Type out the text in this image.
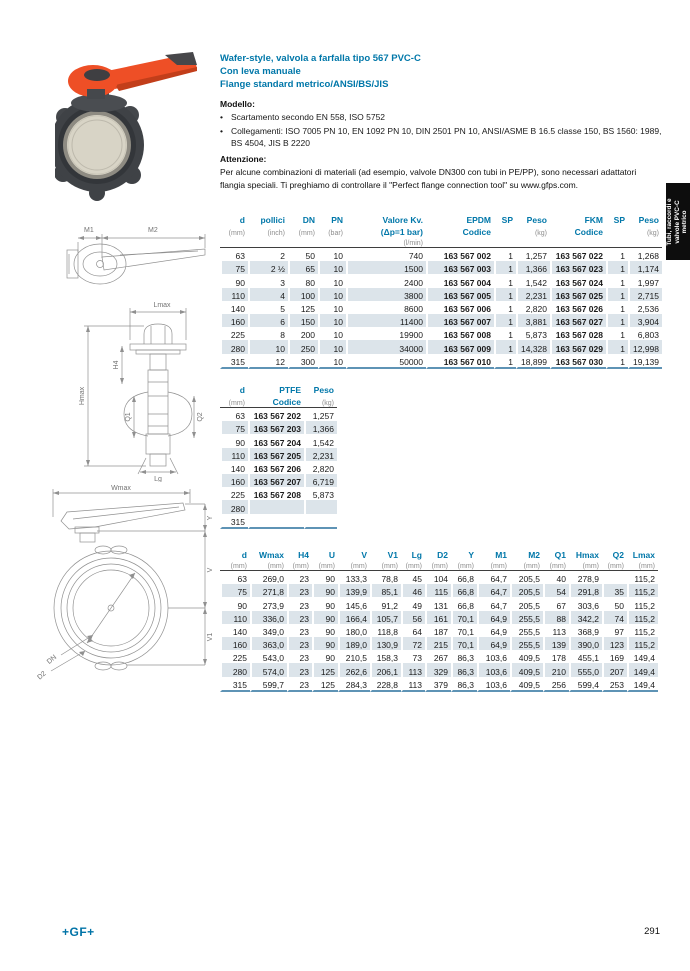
Wafer-style, valvola a farfalla tipo 567 PVC-C
Con leva manuale
Flange standard metrico/ANSI/BS/JIS
Modello:
• Scartamento secondo EN 558, ISO 5752
• Collegamenti: ISO 7005 PN 10, EN 1092 PN 10, DIN 2501 PN 10, ANSI/ASME B 16.5 classe 150, BS 1560: 1989, BS 4504, JIS B 2220
Attenzione:
Per alcune combinazioni di materiali (ad esempio, valvole DN300 con tubi in PE/PP), sono necessari adattatori flangia speciali. Ti preghiamo di controllare il "Perfect flange connection tool" su www.gfps.com.
M1	M2
Lmax
Hmax
H4
Q1	Q2
Lg
Wmax
Y
V
V1
DN
D2
d	pollici	DN	PN	Valore Kv.	EPDM	SP	Peso	FKM	SP	Peso
(mm)	(inch)	(mm)	(bar)	(Δp=1 bar)	Codice		(kg)	Codice		(kg)
				(l/min)						
63	2	50	10	740	163 567 002	1	1,257	163 567 022	1	1,268
75	2 ½	65	10	1500	163 567 003	1	1,366	163 567 023	1	1,174
90	3	80	10	2400	163 567 004	1	1,542	163 567 024	1	1,997
110	4	100	10	3800	163 567 005	1	2,231	163 567 025	1	2,715
140	5	125	10	8600	163 567 006	1	2,820	163 567 026	1	2,536
160	6	150	10	11400	163 567 007	1	3,881	163 567 027	1	3,904
225	8	200	10	19900	163 567 008	1	5,873	163 567 028	1	6,803
280	10	250	10	34000	163 567 009	1	14,328	163 567 029	1	12,998
315	12	300	10	50000	163 567 010	1	18,899	163 567 030	1	19,139
d	PTFE	Peso
(mm)	Codice	(kg)
63	163 567 202	1,257
75	163 567 203	1,366
90	163 567 204	1,542
110	163 567 205	2,231
140	163 567 206	2,820
160	163 567 207	6,719
225	163 567 208	5,873
280		
315		
d	Wmax	H4	U	V	V1	Lg	D2	Y	M1	M2	Q1	Hmax	Q2	Lmax
(mm)	(mm)	(mm)	(mm)	(mm)	(mm)	(mm)	(mm)	(mm)	(mm)	(mm)	(mm)	(mm)	(mm)	(mm)
63	269,0	23	90	133,3	78,8	45	104	66,8	64,7	205,5	40	278,9		115,2
75	271,8	23	90	139,9	85,1	46	115	66,8	64,7	205,5	54	291,8	35	115,2
90	273,9	23	90	145,6	91,2	49	131	66,8	64,7	205,5	67	303,6	50	115,2
110	336,0	23	90	166,4	105,7	56	161	70,1	64,9	255,5	88	342,2	74	115,2
140	349,0	23	90	180,0	118,8	64	187	70,1	64,9	255,5	113	368,9	97	115,2
160	363,0	23	90	189,0	130,9	72	215	70,1	64,9	255,5	139	390,0	123	115,2
225	543,0	23	90	210,5	158,3	73	267	86,3	103,6	409,5	178	455,1	169	149,4
280	574,0	23	125	262,6	206,1	113	329	86,3	103,6	409,5	210	555,0	207	149,4
315	599,7	23	125	284,3	228,8	113	379	86,3	103,6	409,5	256	599,4	253	149,4
Tubi, raccordi e valvole PVC-C metrico
+GF+	291
